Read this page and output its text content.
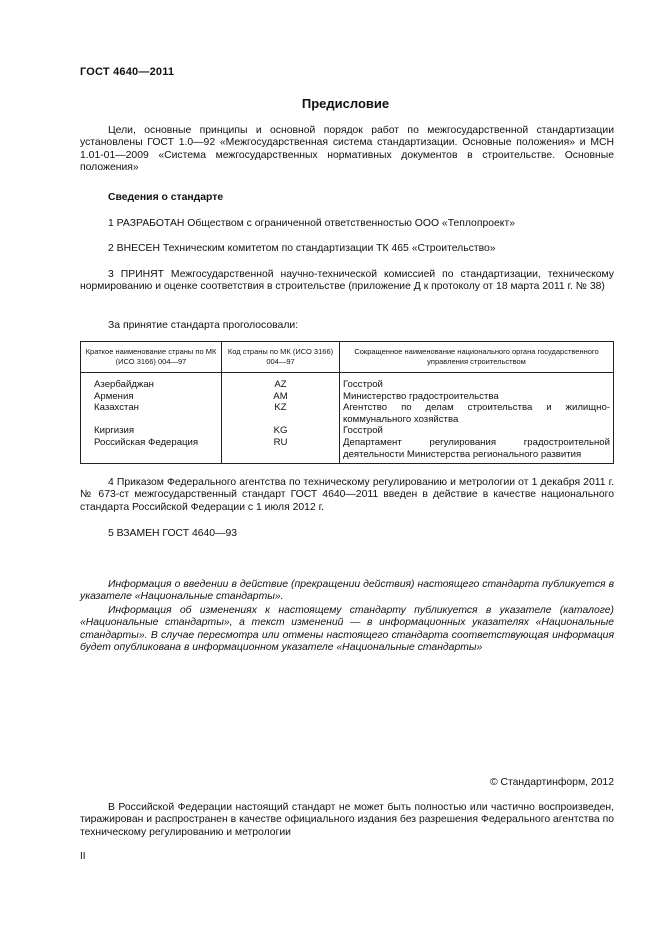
ГОСТ 4640—2011
Предисловие
Цели, основные принципы и основной порядок работ по межгосударственной стандартизации установлены ГОСТ 1.0—92 «Межгосударственная система стандартизации. Основные положения» и МСН 1.01-01—2009 «Система межгосударственных нормативных документов в строительстве. Основные положения»
Сведения о стандарте
1 РАЗРАБОТАН Обществом с ограниченной ответственностью ООО «Теплопроект»
2 ВНЕСЕН Техническим комитетом по стандартизации ТК 465 «Строительство»
3 ПРИНЯТ Межгосударственной научно-технической комиссией по стандартизации, техническому нормированию и оценке соответствия в строительстве (приложение Д к протоколу от 18 марта 2011 г. № 38)
За принятие стандарта проголосовали:
Краткое наименование страны по МК (ИСО 3166) 004—97	Код страны по МК (ИСО 3166) 004—97	Сокращенное наименование национального органа государственного управления строительством
Азербайджан	AZ	Госстрой
Армения	AM	Министерство градостроительства
Казахстан	KZ	Агентство по делам строительства и жилищно-коммунального хозяйства
Киргизия	KG	Госстрой
Российская Федерация	RU	Департамент регулирования градостроительной деятельности Министерства регионального развития
4 Приказом Федерального агентства по техническому регулированию и метрологии от 1 декабря 2011 г. № 673-ст межгосударственный стандарт ГОСТ 4640—2011 введен в действие в качестве национального стандарта Российской Федерации с 1 июля 2012 г.
5 ВЗАМЕН ГОСТ 4640—93
Информация о введении в действие (прекращении действия) настоящего стандарта публикуется в указателе «Национальные стандарты».
Информация об изменениях к настоящему стандарту публикуется в указателе (каталоге) «Национальные стандарты», а текст изменений — в информационных указателях «Национальные стандарты». В случае пересмотра или отмены настоящего стандарта соответствующая информация будет опубликована в информационном указателе «Национальные стандарты»
© Стандартинформ, 2012
В Российской Федерации настоящий стандарт не может быть полностью или частично воспроизведен, тиражирован и распространен в качестве официального издания без разрешения Федерального агентства по техническому регулированию и метрологии
II
